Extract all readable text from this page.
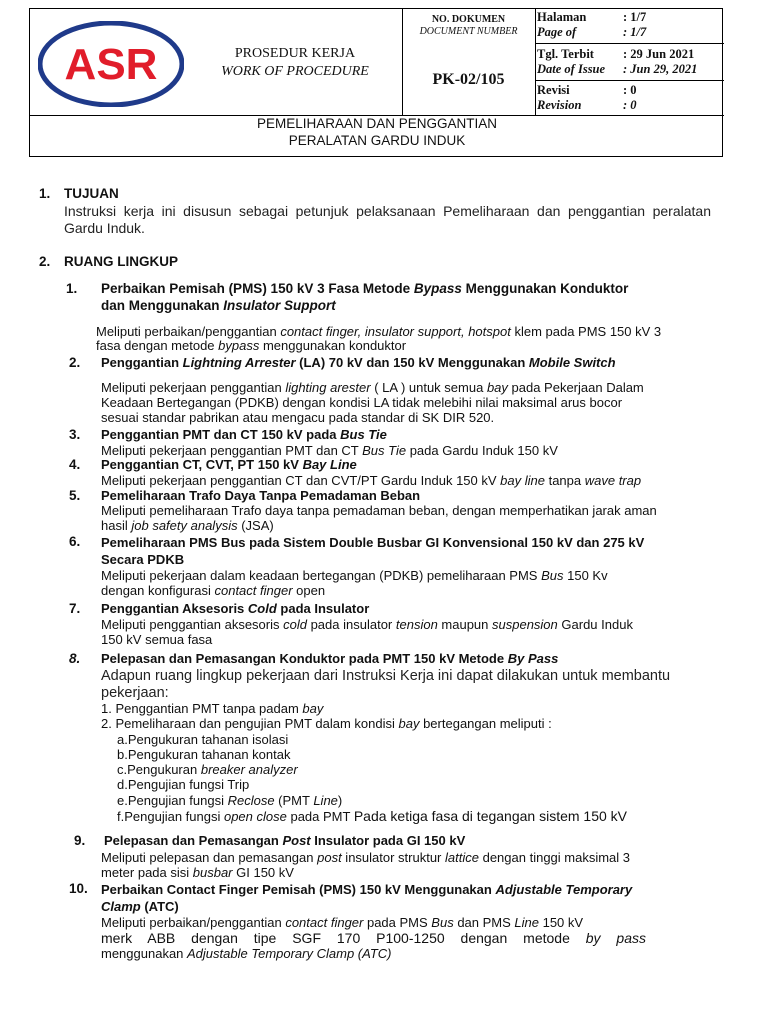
ASR	PROSEDUR KERJA
WORK OF PROCEDURE
NO. DOKUMEN
DOCUMENT NUMBER
PK-02/105
Halaman	: 1/7
Page of	: 1/7
Tgl. Terbit : 29 Jun 2021
Date of Issue : Jun 29, 2021
Revisi	: 0
Revision	: 0
PEMELIHARAAN DAN PENGGANTIAN
PERALATAN GARDU INDUK
1. TUJUAN
Instruksi kerja ini disusun sebagai petunjuk pelaksanaan Pemeliharaan dan penggantian peralatan Gardu Induk.
2. RUANG LINGKUP
1. Perbaikan Pemisah (PMS) 150 kV 3 Fasa Metode Bypass Menggunakan Konduktor
dan Menggunakan Insulator Support
Meliputi perbaikan/penggantian contact finger, insulator support, hotspot klem pada PMS 150 kV 3
fasa dengan metode bypass menggunakan konduktor
2. Penggantian Lightning Arrester (LA) 70 kV dan 150 kV Menggunakan Mobile Switch
Meliputi pekerjaan penggantian lighting arester ( LA ) untuk semua bay pada Pekerjaan Dalam
Keadaan Bertegangan (PDKB) dengan kondisi LA tidak melebihi nilai maksimal arus bocor
sesuai standar pabrikan atau mengacu pada standar di SK DIR 520.
3. Penggantian PMT dan CT 150 kV pada Bus Tie
Meliputi pekerjaan penggantian PMT dan CT Bus Tie pada Gardu Induk 150 kV
4. Penggantian CT, CVT, PT 150 kV Bay Line
Meliputi pekerjaan penggantian CT dan CVT/PT Gardu Induk 150 kV bay line tanpa wave trap
5. Pemeliharaan Trafo Daya Tanpa Pemadaman Beban
Meliputi pemeliharaan Trafo daya tanpa pemadaman beban, dengan memperhatikan jarak aman
hasil job safety analysis (JSA)
6. Pemeliharaan PMS Bus pada Sistem Double Busbar GI Konvensional 150 kV dan 275 kV
Secara PDKB
Meliputi pekerjaan dalam keadaan bertegangan (PDKB) pemeliharaan PMS Bus 150 Kv
dengan konfigurasi contact finger open
7. Penggantian Aksesoris Cold pada Insulator
Meliputi penggantian aksesoris cold pada insulator tension maupun suspension Gardu Induk
150 kV semua fasa
8. Pelepasan dan Pemasangan Konduktor pada PMT 150 kV Metode By Pass
Adapun ruang lingkup pekerjaan dari Instruksi Kerja ini dapat dilakukan untuk membantu
pekerjaan:
1. Penggantian PMT tanpa padam bay
2. Pemeliharaan dan pengujian PMT dalam kondisi bay bertegangan meliputi :
a.Pengukuran tahanan isolasi
b.Pengukuran tahanan kontak
c.Pengukuran breaker analyzer
d.Pengujian fungsi Trip
e.Pengujian fungsi Reclose (PMT Line)
f.Pengujian fungsi open close pada PMT Pada ketiga fasa di tegangan sistem 150 kV
9. Pelepasan dan Pemasangan Post Insulator pada GI 150 kV
Meliputi pelepasan dan pemasangan post insulator struktur lattice dengan tinggi maksimal 3
meter pada sisi busbar GI 150 kV
10. Perbaikan Contact Finger Pemisah (PMS) 150 kV Menggunakan Adjustable Temporary
Clamp (ATC)
Meliputi perbaikan/penggantian contact finger pada PMS Bus dan PMS Line 150 kV
merk ABB dengan tipe SGF 170 P100-1250 dengan metode by pass
menggunakan Adjustable Temporary Clamp (ATC)
